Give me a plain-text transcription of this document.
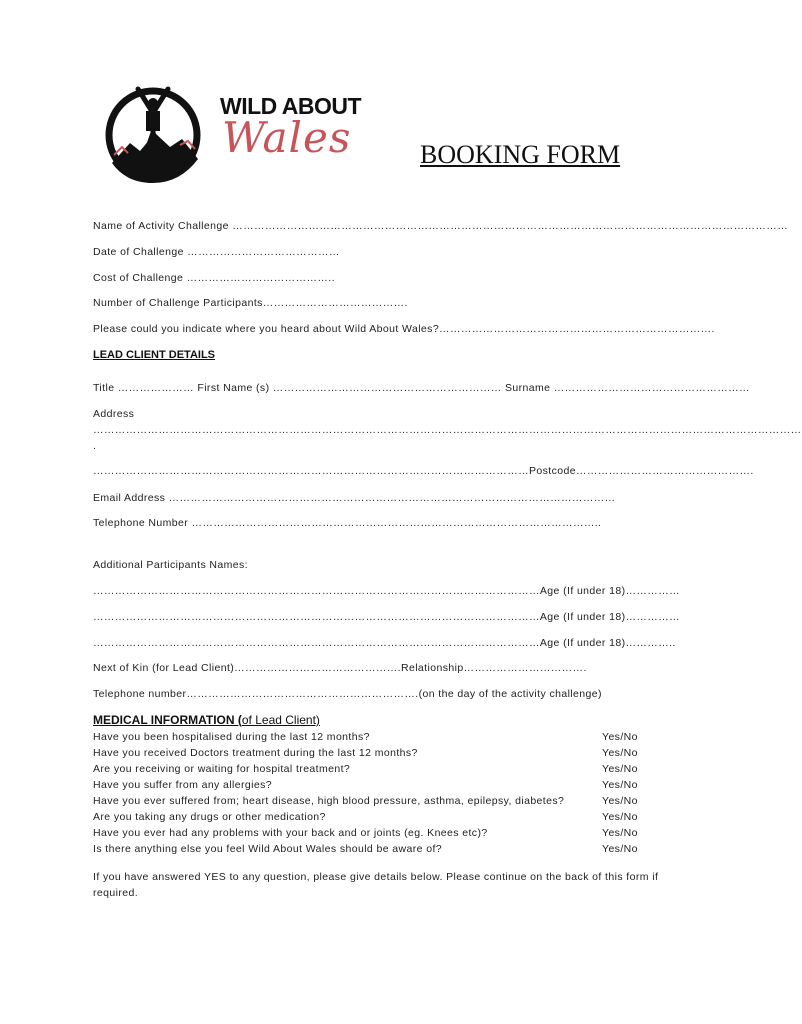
WILD ABOUT
Wales	BOOKING FORM
Name of Activity Challenge ………………………………………………………………………………………………………………………………………
Date of Challenge ……………………………………
Cost of Challenge …………………………………..
Number of Challenge Participants………………………………….
Please could you indicate where you heard about Wild About Wales?………………………………………………………………….
LEAD CLIENT DETAILS
Title ………………… First Name (s) ……………………………………………………… Surname ………………………………………………
Address
……………………………………………………………………………………………………………………………………………………………………………
.
…………………………………………………………………………………………………………Postcode………………………………………….
Email Address ……………………………………………………………………………………………………………
Telephone Number …………………………………………………………………………………………………..
Additional Participants Names:
……………………………………………………………………………………………………………Age (If under 18)……………
……………………………………………………………………………………………………………Age (If under 18)……………
……………………………………………………………………………………………………………Age (If under 18)…………..
Next of Kin (for Lead Client)……………………………………….Relationship…………………………….
Telephone number……………………………………………………….(on the day of the activity challenge)
MEDICAL INFORMATION (of Lead Client)
Have you been hospitalised during the last 12 months?	Yes/No
Have you received Doctors treatment during the last 12 months?	Yes/No
Are you receiving or waiting for hospital treatment?	Yes/No
Have you suffer from any allergies?	Yes/No
Have you ever suffered from; heart disease, high blood pressure, asthma, epilepsy, diabetes?	Yes/No
Are you taking any drugs or other medication?	Yes/No
Have you ever had any problems with your back and or joints (eg. Knees etc)?	Yes/No
Is there anything else you feel Wild About Wales should be aware of?	Yes/No
If you have answered YES to any question, please give details below. Please continue on the back of this form if required.
